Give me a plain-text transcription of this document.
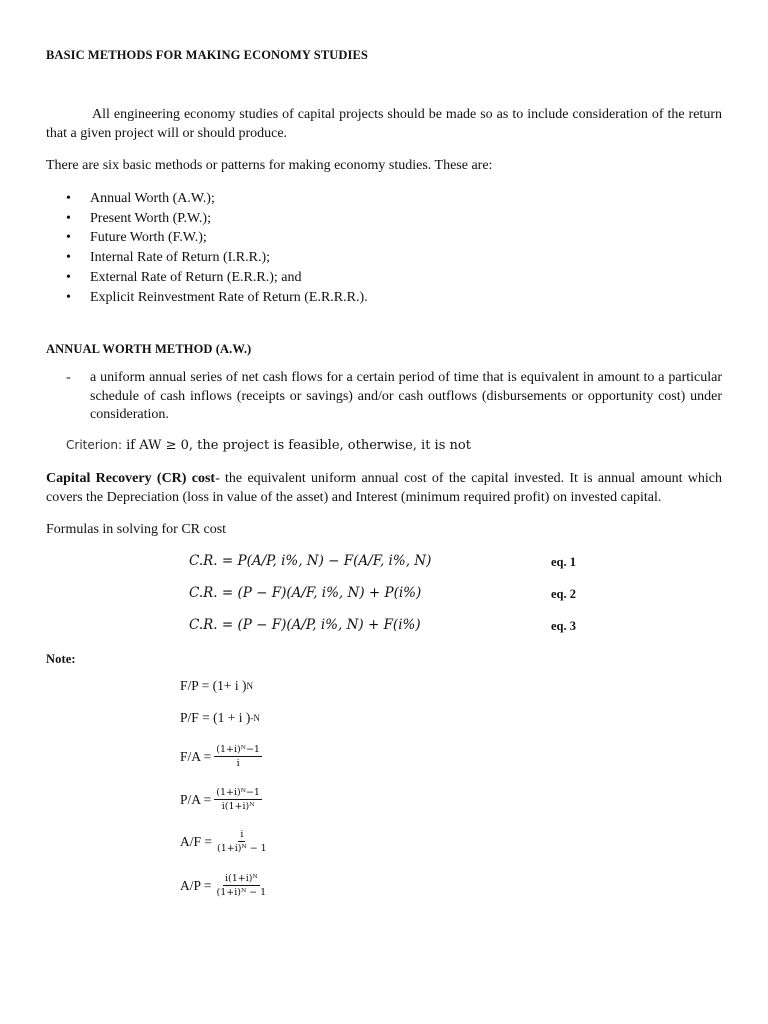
BASIC METHODS FOR MAKING ECONOMY STUDIES
All engineering economy studies of capital projects should be made so as to include consideration of the return that a given project will or should produce.
There are six basic methods or patterns for making economy studies. These are:
• Annual Worth (A.W.);
• Present Worth (P.W.);
• Future Worth (F.W.);
• Internal Rate of Return (I.R.R.);
• External Rate of Return (E.R.R.); and
• Explicit Reinvestment Rate of Return (E.R.R.R.).
ANNUAL WORTH METHOD (A.W.)
- a uniform annual series of net cash flows for a certain period of time that is equivalent in amount to a particular schedule of cash inflows (receipts or savings) and/or cash outflows (disbursements or opportunity cost) under consideration.
Criterion: if AW ≥ 0, the project is feasible, otherwise, it is not
Capital Recovery (CR) cost- the equivalent uniform annual cost of the capital invested. It is annual amount which covers the Depreciation (loss in value of the asset) and Interest (minimum required profit) on invested capital.
Formulas in solving for CR cost
C.R. = P(A/P, i%, N) − F(A/F, i%, N)	eq. 1
C.R. = (P − F)(A/F, i%, N) + P(i%)	eq. 2
C.R. = (P − F)(A/P, i%, N) + F(i%)	eq. 3
Note:
F/P = (1+ i ) N
P/F = (1 + i ) -N
$F/A = \frac{\text{(1+i)ᴺ−1}}{i}$
$P/A = \frac{\text{(1+i)ᴺ−1}}{\text{i(1+i)ᴺ}}$
$A/F = \frac{i}{\text{(1+i)ᴺ − 1}}$
$A/P = \frac{\text{i(1+i)ᴺ}}{\text{(1+i)ᴺ − 1}}$
